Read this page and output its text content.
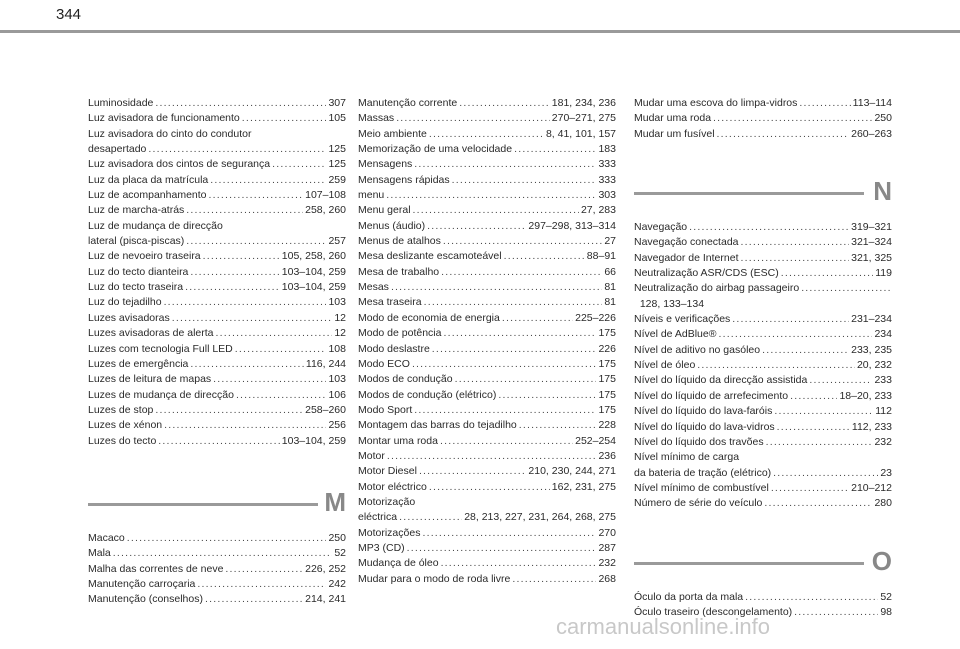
344
Luminosidade .....	307
Luz avisadora de funcionamento .....	105
Luz avisadora do cinto do condutor
desapertado .....	125
Luz avisadora dos cintos de segurança .....	125
Luz da placa da matrícula .....	259
Luz de acompanhamento .....	107–108
Luz de marcha-atrás .....	258, 260
Luz de mudança de direcção
lateral (pisca-piscas) .....	257
Luz de nevoeiro traseira .....	105, 258, 260
Luz do tecto dianteira .....	103–104, 259
Luz do tecto traseira .....	103–104, 259
Luz do tejadilho .....	103
Luzes avisadoras .....	12
Luzes avisadoras de alerta .....	12
Luzes com tecnologia Full LED .....	108
Luzes de emergência .....	116, 244
Luzes de leitura de mapas .....	103
Luzes de mudança de direcção .....	106
Luzes de stop .....	258–260
Luzes de xénon .....	256
Luzes do tecto .....	103–104, 259
M
Macaco .....	250
Mala .....	52
Malha das correntes de neve .....	226, 252
Manutenção carroçaria .....	242
Manutenção (conselhos) .....	214, 241
Manutenção corrente .....	181, 234, 236
Massas .....	270–271, 275
Meio ambiente .....	8, 41, 101, 157
Memorização de uma velocidade .....	183
Mensagens .....	333
Mensagens rápidas .....	333
menu .....	303
Menu geral .....	27, 283
Menus (áudio) .....	297–298, 313–314
Menus de atalhos .....	27
Mesa deslizante escamoteável .....	88–91
Mesa de trabalho .....	66
Mesas .....	81
Mesa traseira .....	81
Modo de economia de energia .....	225–226
Modo de potência .....	175
Modo deslastre .....	226
Modo ECO .....	175
Modos de condução .....	175
Modos de condução (elétrico) .....	175
Modo Sport .....	175
Montagem das barras do tejadilho .....	228
Montar uma roda .....	252–254
Motor .....	236
Motor Diesel .....	210, 230, 244, 271
Motor eléctrico .....	162, 231, 275
Motorização
eléctrica .....	28, 213, 227, 231, 264, 268, 275
Motorizações .....	270
MP3 (CD) .....	287
Mudança de óleo .....	232
Mudar para o modo de roda livre .....	268
Mudar uma escova do limpa-vidros .....	113–114
Mudar uma roda .....	250
Mudar um fusível .....	260–263
N
Navegação .....	319–321
Navegação conectada .....	321–324
Navegador de Internet .....	321, 325
Neutralização ASR/CDS (ESC) .....	119
Neutralização do airbag passageiro
.....
128, 133–134
Níveis e verificações .....	231–234
Nível de AdBlue® .....	234
Nível de aditivo no gasóleo .....	233, 235
Nível de óleo .....	20, 232
Nível do líquido da direcção assistida .....	233
Nível do líquido de arrefecimento .....	18–20, 233
Nível do líquido do lava-faróis .....	112
Nível do líquido do lava-vidros .....	112, 233
Nível do líquido dos travões .....	232
Nível mínimo de carga
da bateria de tração (elétrico) .....	23
Nível mínimo de combustível .....	210–212
Número de série do veículo .....	280
O
Óculo da porta da mala .....	52
Óculo traseiro (descongelamento) .....	98
carmanualsonline.info
